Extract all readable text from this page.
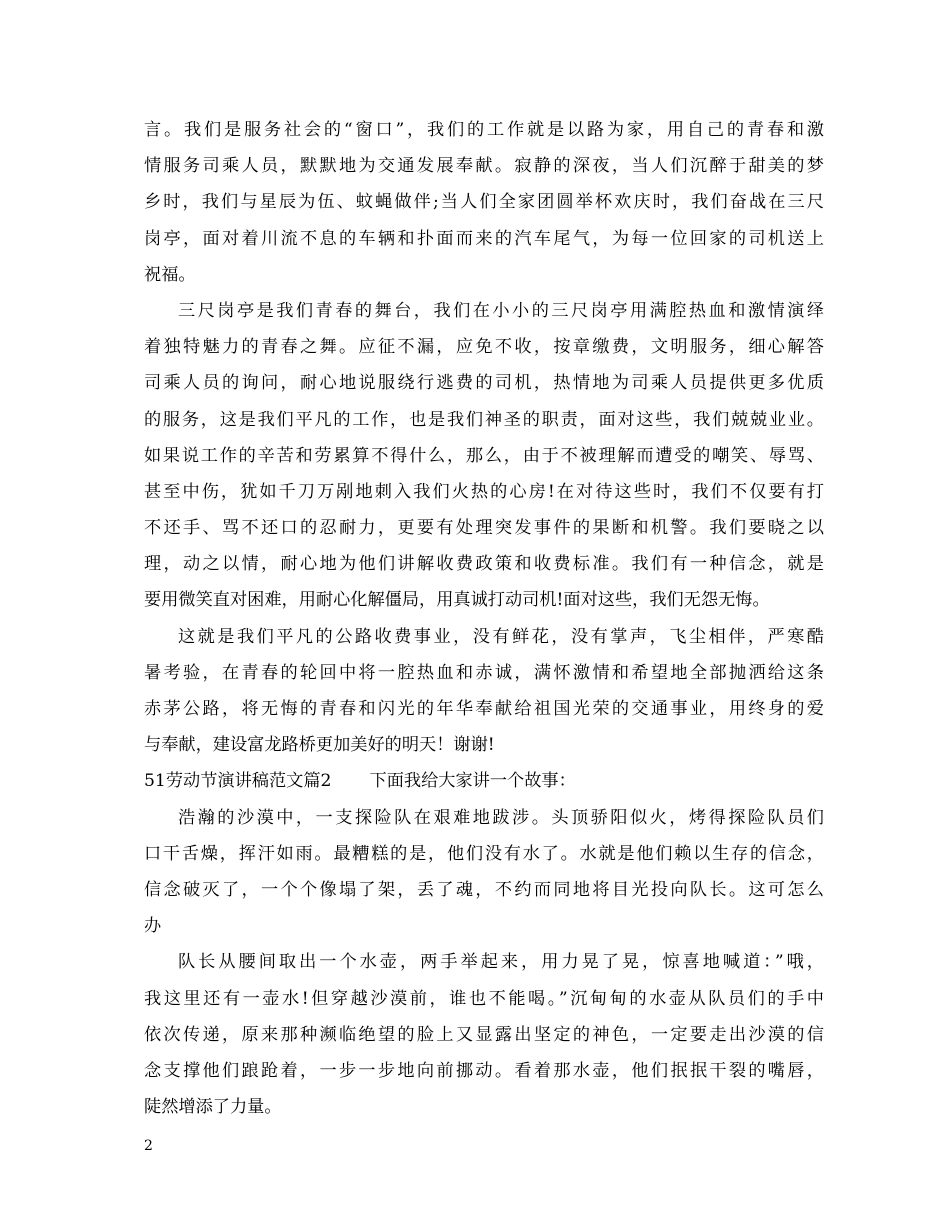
言。我们是服务社会的“窗口”，我们的工作就是以路为家，用自己的青春和激
情服务司乘人员，默默地为交通发展奉献。寂静的深夜，当人们沉醉于甜美的梦
乡时，我们与星辰为伍、蚊蝇做伴;当人们全家团圆举杯欢庆时，我们奋战在三尺
岗亭，面对着川流不息的车辆和扑面而来的汽车尾气，为每一位回家的司机送上
祝福。
三尺岗亭是我们青春的舞台，我们在小小的三尺岗亭用满腔热血和激情演绎
着独特魅力的青春之舞。应征不漏，应免不收，按章缴费，文明服务，细心解答
司乘人员的询问，耐心地说服绕行逃费的司机，热情地为司乘人员提供更多优质
的服务，这是我们平凡的工作，也是我们神圣的职责，面对这些，我们兢兢业业。
如果说工作的辛苦和劳累算不得什么，那么，由于不被理解而遭受的嘲笑、辱骂、
甚至中伤，犹如千刀万剐地刺入我们火热的心房!在对待这些时，我们不仅要有打
不还手、骂不还口的忍耐力，更要有处理突发事件的果断和机警。我们要晓之以
理，动之以情，耐心地为他们讲解收费政策和收费标准。我们有一种信念，就是
要用微笑直对困难，用耐心化解僵局，用真诚打动司机!面对这些，我们无怨无悔。
这就是我们平凡的公路收费事业，没有鲜花，没有掌声，飞尘相伴，严寒酷
暑考验，在青春的轮回中将一腔热血和赤诚，满怀激情和希望地全部抛洒给这条
赤茅公路，将无悔的青春和闪光的年华奉献给祖国光荣的交通事业，用终身的爱
与奉献，建设富龙路桥更加美好的明天！谢谢!
51劳动节演讲稿范文篇2 下面我给大家讲一个故事：
浩瀚的沙漠中，一支探险队在艰难地跋涉。头顶骄阳似火，烤得探险队员们
口干舌燥，挥汗如雨。最糟糕的是，他们没有水了。水就是他们赖以生存的信念，
信念破灭了，一个个像塌了架，丢了魂，不约而同地将目光投向队长。这可怎么
办
队长从腰间取出一个水壶，两手举起来，用力晃了晃，惊喜地喊道：”哦，
我这里还有一壶水!但穿越沙漠前，谁也不能喝。”沉甸甸的水壶从队员们的手中
依次传递，原来那种濒临绝望的脸上又显露出坚定的神色，一定要走出沙漠的信
念支撑他们踉跄着，一步一步地向前挪动。看着那水壶，他们抿抿干裂的嘴唇，
陡然增添了力量。
2
